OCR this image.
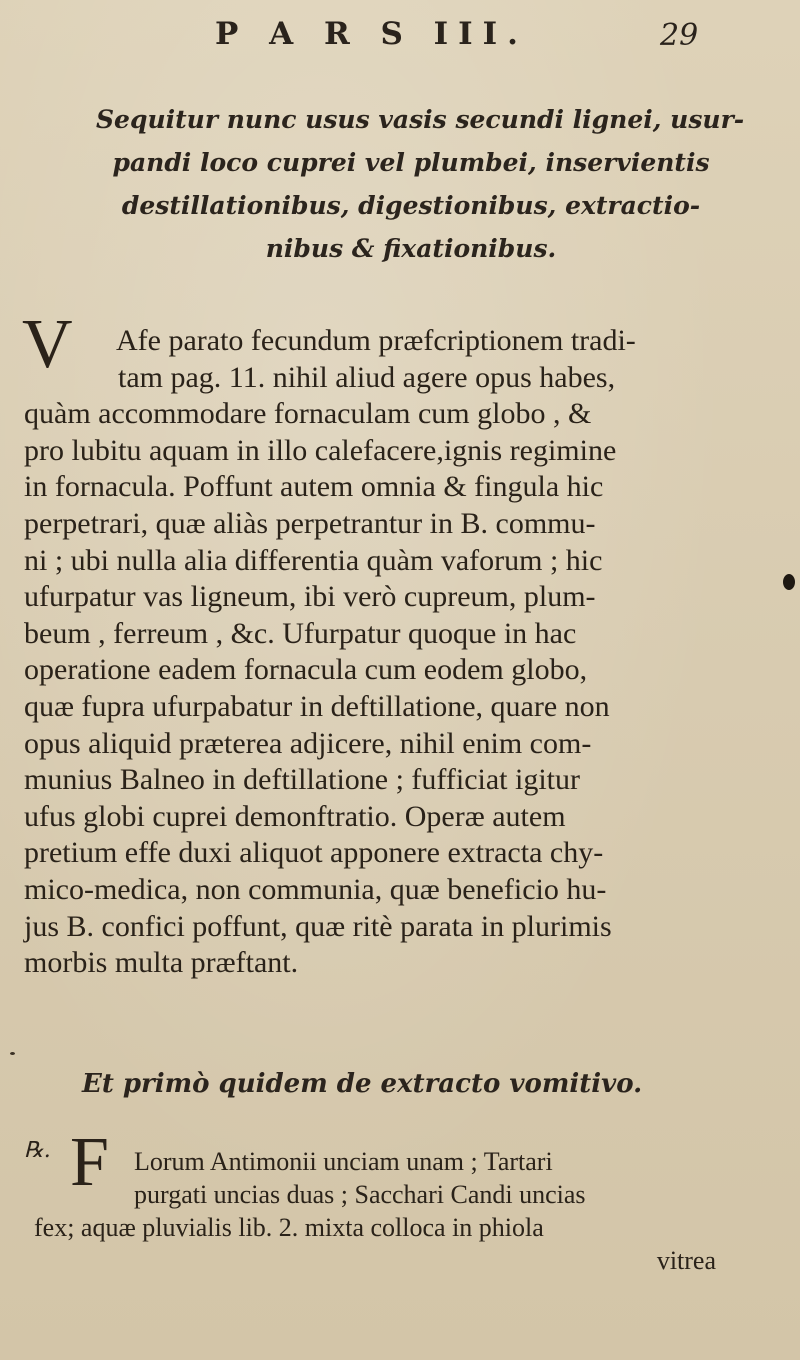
P A R S III.	29
Sequitur nunc usus vasis secundi lignei, usur-
pandi loco cuprei vel plumbei, inservientis
destillationibus, digestionibus, extractio-
nibus & fixationibus.
V	Afe parato fecundum præfcriptionem tradi-
tam pag. 11. nihil aliud agere opus habes,
quàm accommodare fornaculam cum globo , &
pro lubitu aquam in illo calefacere,ignis regimine
in fornacula. Poffunt autem omnia & fingula hic
perpetrari, quæ aliàs perpetrantur in B. commu-
ni ; ubi nulla alia differentia quàm vaforum ; hic
ufurpatur vas ligneum, ibi verò cupreum, plum-
beum , ferreum , &c. Ufurpatur quoque in hac
operatione eadem fornacula cum eodem globo,
quæ fupra ufurpabatur in deftillatione, quare non
opus aliquid præterea adjicere, nihil enim com-
munius Balneo in deftillatione ; fufficiat igitur
ufus globi cuprei demonftratio. Operæ autem
pretium effe duxi aliquot apponere extracta chy-
mico-medica, non communia, quæ beneficio hu-
jus B. confici poffunt, quæ ritè parata in plurimis
morbis multa præftant.
Et primò quidem de extracto vomitivo.
℞. F Lorum Antimonii unciam unam ; Tartari
purgati uncias duas ; Sacchari Candi uncias
fex; aquæ pluvialis lib. 2. mixta colloca in phiola
vitrea
